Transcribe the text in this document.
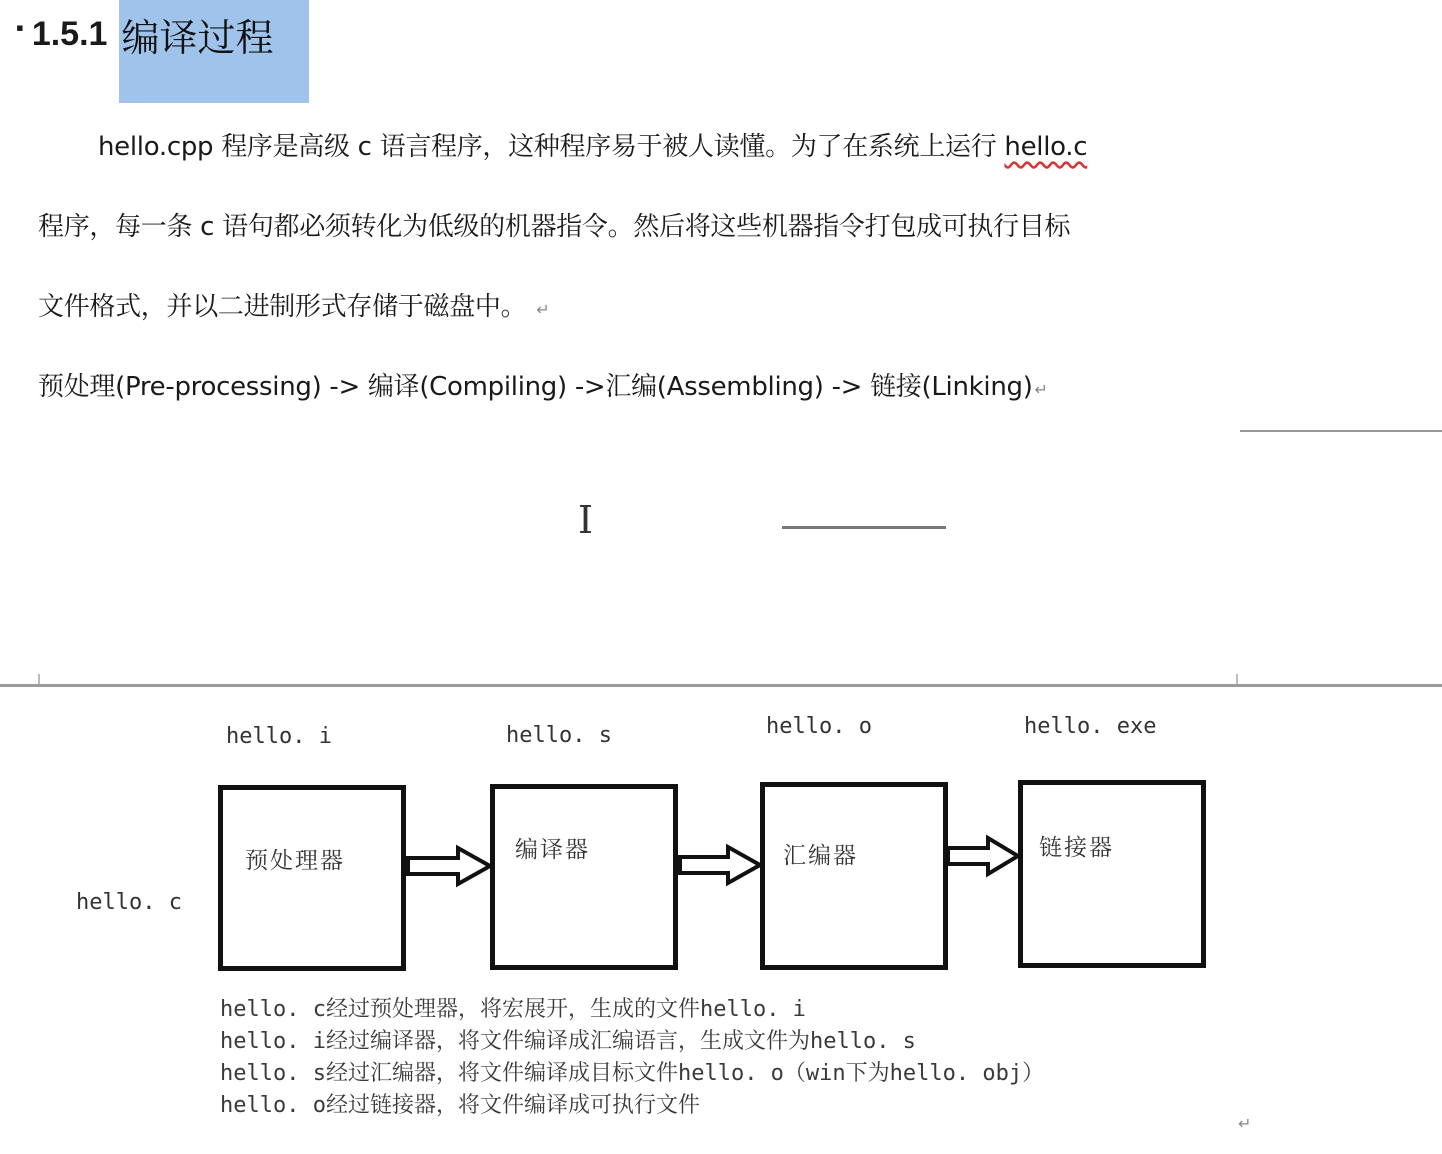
▪ 1.5.1 编译过程
hello.cpp 程序是高级 c 语言程序，这种程序易于被人读懂。为了在系统上运行 hello.c
程序，每一条 c 语句都必须转化为低级的机器指令。然后将这些机器指令打包成可执行目标
文件格式，并以二进制形式存储于磁盘中。 ↵
预处理(Pre-processing) -> 编译(Compiling) ->汇编(Assembling) -> 链接(Linking) ↵
I
hello. c
hello. i	hello. s	hello. o	hello. exe
预处理器	编译器	汇编器	链接器
hello. c经过预处理器，将宏展开，生成的文件hello. i
hello. i经过编译器，将文件编译成汇编语言，生成文件为hello. s
hello. s经过汇编器，将文件编译成目标文件hello. o（win下为hello. obj）
hello. o经过链接器，将文件编译成可执行文件
↵
